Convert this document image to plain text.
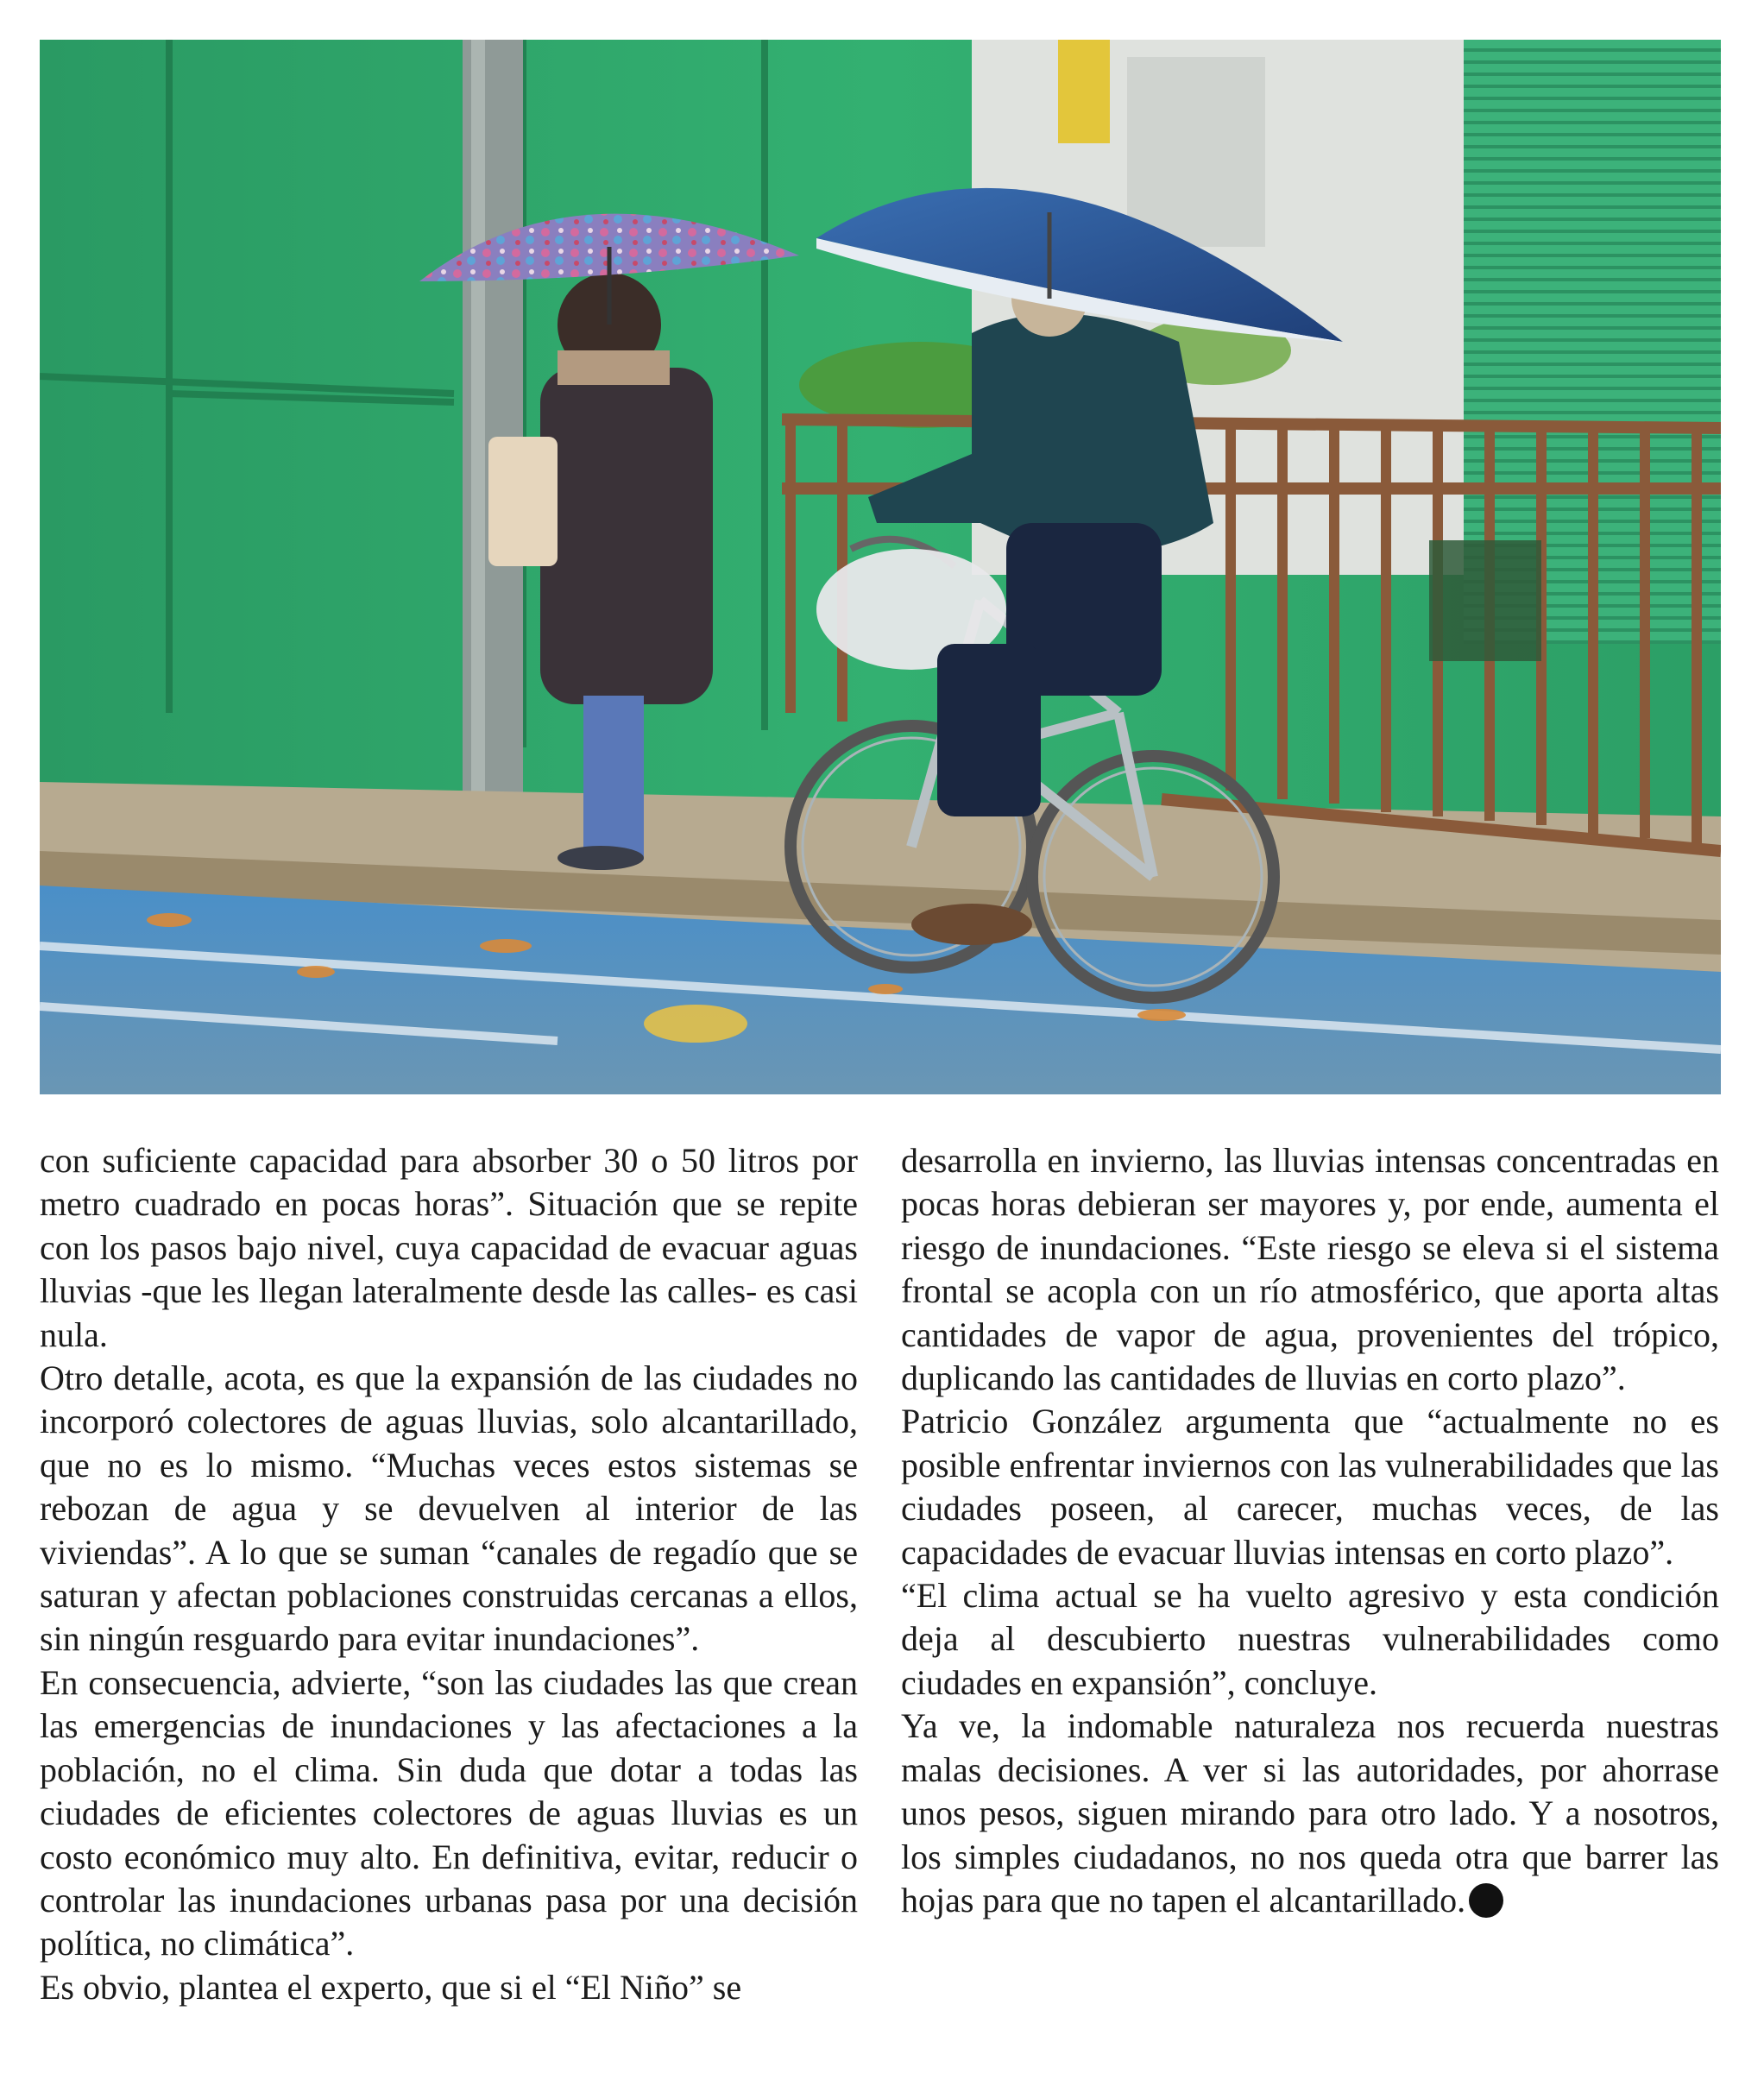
con suficiente capacidad para absorber 30 o 50 litros por metro cuadrado en pocas horas”. Situación que se repite con los pasos bajo nivel, cuya capacidad de evacuar aguas lluvias -que les llegan lateralmente desde las calles- es casi nula.

Otro detalle, acota, es que la expansión de las ciudades no incorporó colectores de aguas lluvias, solo alcantarillado, que no es lo mismo. “Muchas veces estos sistemas se rebozan de agua y se devuelven al interior de las viviendas”. A lo que se suman “canales de regadío que se saturan y afectan poblaciones construidas cercanas a ellos, sin ningún resguardo para evitar inundaciones”.

En consecuencia, advierte, “son las ciudades las que crean las emergencias de inundaciones y las afectaciones a la población, no el clima. Sin duda que dotar a todas las ciudades de eficientes colectores de aguas lluvias es un costo económico muy alto. En definitiva, evitar, reducir o controlar las inundaciones urbanas pasa por una decisión política, no climática”.

Es obvio, plantea el experto, que si el “El Niño” se

desarrolla en invierno, las lluvias intensas concentradas en pocas horas debieran ser mayores y, por ende, aumenta el riesgo de inundaciones. “Este riesgo se eleva si el sistema frontal se acopla con un río atmosférico, que aporta altas cantidades de vapor de agua, provenientes del trópico, duplicando las cantidades de lluvias en corto plazo”.

Patricio González argumenta que “actualmente no es posible enfrentar inviernos con las vulnerabilidades que las ciudades poseen, al carecer, muchas veces, de las capacidades de evacuar lluvias intensas en corto plazo”.

“El clima actual se ha vuelto agresivo y esta condición deja al descubierto nuestras vulnerabilidades como ciudades en expansión”, concluye.

Ya ve, la indomable naturaleza nos recuerda nuestras malas decisiones. A ver si las autoridades, por ahorrase unos pesos, siguen mirando para otro lado. Y a nosotros, los simples ciudadanos, no nos queda otra que barrer las hojas para que no tapen el alcantarillado.
